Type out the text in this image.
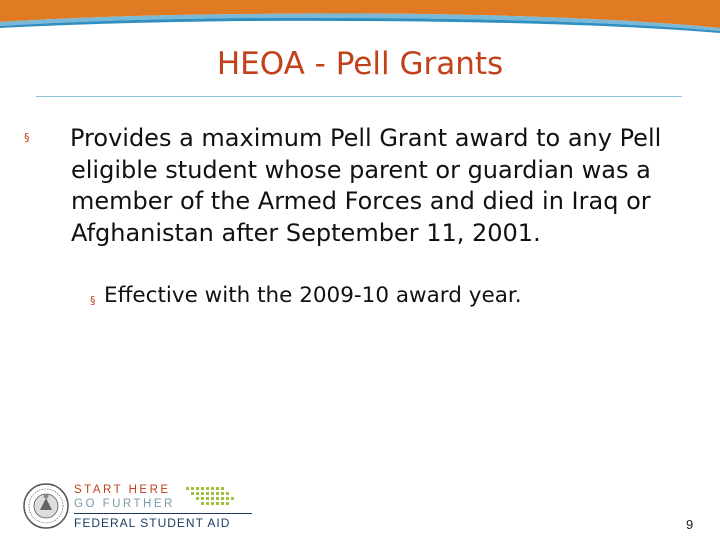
HEOA - Pell Grants
§ Provides a maximum Pell Grant award to any Pell eligible student whose parent or guardian was a member of the Armed Forces and died in Iraq or Afghanistan after September 11, 2001.
§ Effective with the 2009-10 award year.
START HERE
GO FURTHER
FEDERAL STUDENT AID	9
